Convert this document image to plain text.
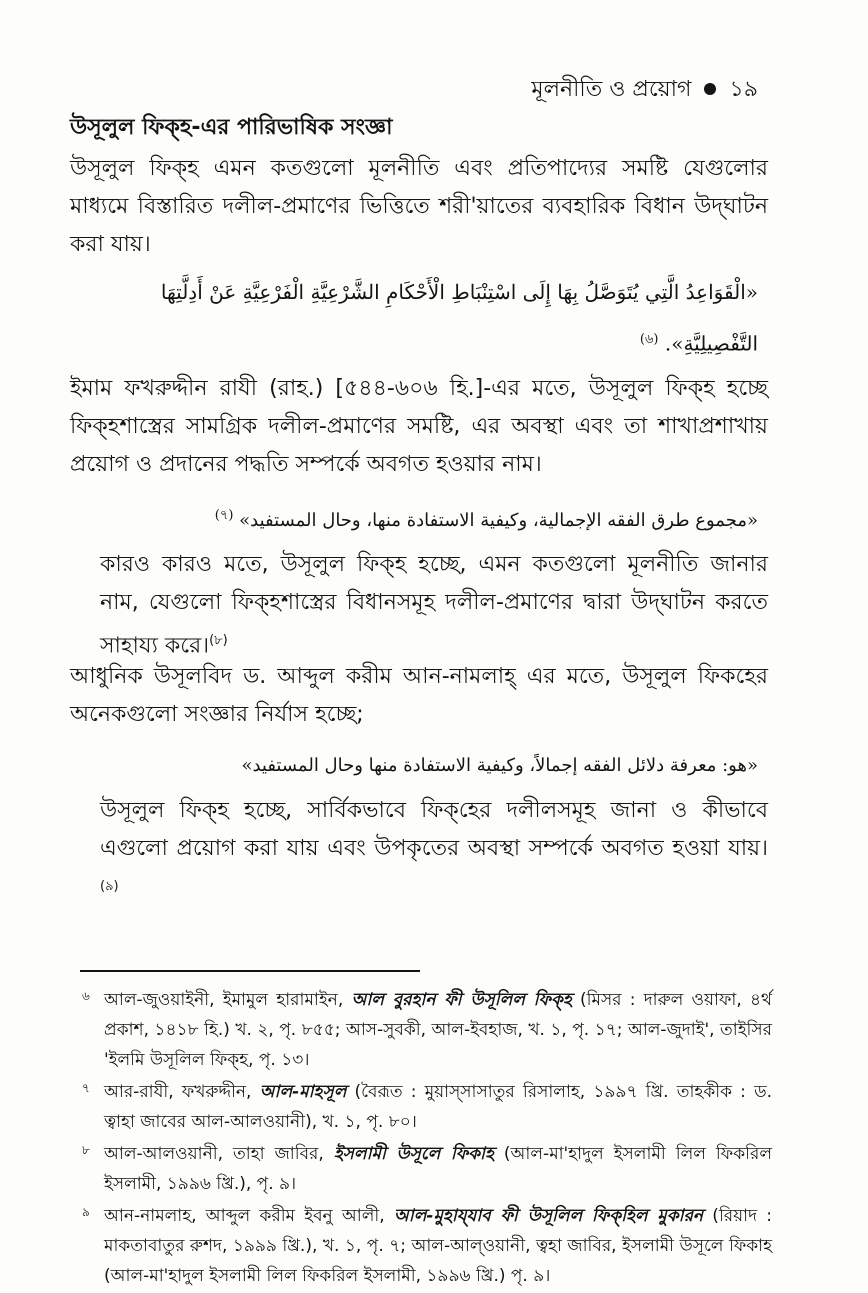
মূলনীতি ও প্রয়োগ ১৯
উসূলুল ফিক্‌হ-এর পারিভাষিক সংজ্ঞা
উসূলুল ফিক্‌হ এমন কতগুলো মূলনীতি এবং প্রতিপাদ্যের সমষ্টি যেগুলোর মাধ্যমে বিস্তারিত দলীল-প্রমাণের ভিত্তিতে শরী'য়াতের ব্যবহারিক বিধান উদ্‌ঘাটন করা যায়।
«الْقَوَاعِدُ الَّتِي يُتَوَصَّلُ بِهَا إِلَى اسْتِنْبَاطِ الْأَحْكَامِ الشَّرْعِيَّةِ الْفَرْعِيَّةِ عَنْ أَدِلَّتِهَا التَّفْصِيلِيَّةِ». $^{(৬)}$
ইমাম ফখরুদ্দীন রাযী (রাহ.) [৫৪৪-৬০৬ হি.]-এর মতে, উসূলুল ফিক্‌হ হচ্ছে ফিক্‌হশাস্ত্রের সামগ্রিক দলীল-প্রমাণের সমষ্টি, এর অবস্থা এবং তা শাখাপ্রশাখায় প্রয়োগ ও প্রদানের পদ্ধতি সম্পর্কে অবগত হওয়ার নাম।
«مجموع طرق الفقه الإجمالية، وكيفية الاستفادة منها، وحال المستفيد» $^{(৭)}$
কারও কারও মতে, উসূলুল ফিক্‌হ হচ্ছে, এমন কতগুলো মূলনীতি জানার নাম, যেগুলো ফিক্‌হশাস্ত্রের বিধানসমূহ দলীল-প্রমাণের দ্বারা উদ্‌ঘাটন করতে সাহায্য করে।$^{(৮)}$
আধুনিক উসূলবিদ ড. আব্দুল করীম আন-নামলাহ্‌ এর মতে, উসূলুল ফিকহের অনেকগুলো সংজ্ঞার নির্যাস হচ্ছে;
«هو: معرفة دلائل الفقه إجمالاً، وكيفية الاستفادة منها وحال المستفيد»
উসূলুল ফিক্‌হ হচ্ছে, সার্বিকভাবে ফিক্‌হের দলীলসমূহ জানা ও কীভাবে এগুলো প্রয়োগ করা যায় এবং উপকৃতের অবস্থা সম্পর্কে অবগত হওয়া যায়।$^{(৯)}$
৬ আল-জুওয়াইনী, ইমামুল হারামাইন, আল বুরহান ফী উসূলিল ফিক্‌হ (মিসর : দারুল ওয়াফা, ৪র্থ প্রকাশ, ১৪১৮ হি.) খ. ২, পৃ. ৮৫৫; আস-সুবকী, আল-ইবহাজ, খ. ১, পৃ. ১৭; আল-জুদাই', তাইসির 'ইলমি উসূলিল ফিক্‌হ, পৃ. ১৩।
৭ আর-রাযী, ফখরুদ্দীন, আল-মাহসূল (বৈরূত : মুয়াস্‌সাসাতুর রিসালাহ, ১৯৯৭ খ্রি. তাহকীক : ড. ত্বাহা জাবের আল-আলওয়ানী), খ. ১, পৃ. ৮০।
৮ আল-আলওয়ানী, তাহা জাবির, ইসলামী উসূলে ফিকাহ (আল-মা'হাদুল ইসলামী লিল ফিকরিল ইসলামী, ১৯৯৬ খ্রি.), পৃ. ৯।
৯ আন-নামলাহ, আব্দুল করীম ইবনু আলী, আল-মুহায্‌যাব ফী উসূলিল ফিক্‌হিল মুকারন (রিয়াদ : মাকতাবাতুর রুশদ, ১৯৯৯ খ্রি.), খ. ১, পৃ. ৭; আল-আল্‌ওয়ানী, ত্বহা জাবির, ইসলামী উসূলে ফিকাহ (আল-মা'হাদুল ইসলামী লিল ফিকরিল ইসলামী, ১৯৯৬ খ্রি.) পৃ. ৯।
